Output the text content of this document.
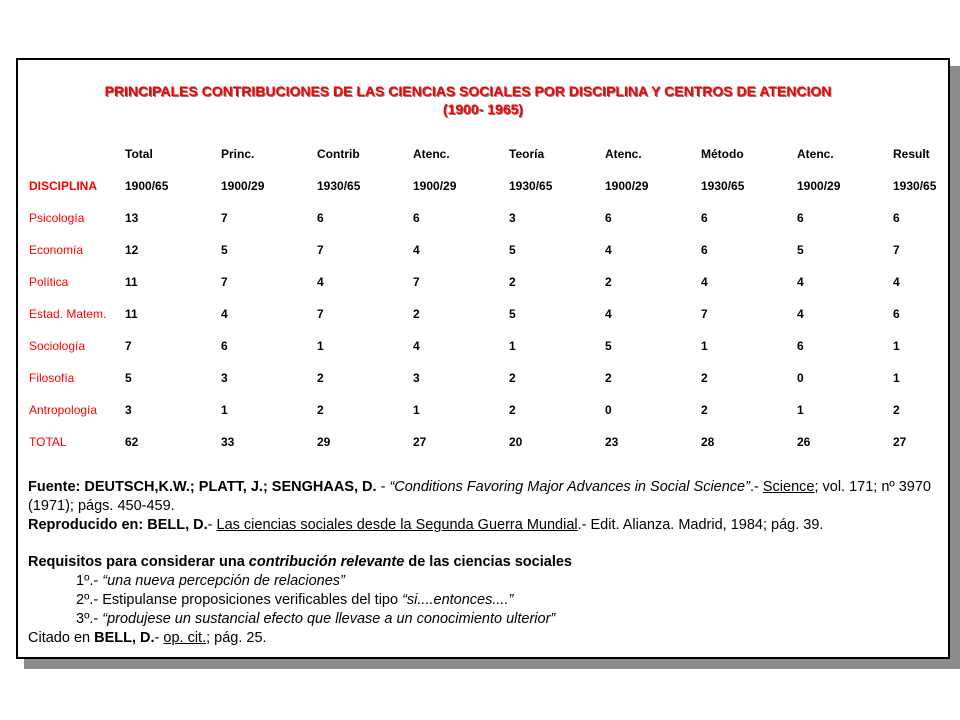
PRINCIPALES CONTRIBUCIONES DE LAS CIENCIAS SOCIALES POR DISCIPLINA Y CENTROS DE ATENCION
(1900- 1965)
	Total	Princ.	Contrib	Atenc.	Teoría	Atenc.	Método	Atenc.	Result
DISCIPLINA	1900/65	1900/29	1930/65	1900/29	1930/65	1900/29	1930/65	1900/29	1930/65
Psicología	13	7	6	6	3	6	6	6	6
Economía	12	5	7	4	5	4	6	5	7
Política	11	7	4	7	2	2	4	4	4
Estad. Matem.	11	4	7	2	5	4	7	4	6
Sociología	7	6	1	4	1	5	1	6	1
Filosofía	5	3	2	3	2	2	2	0	1
Antropología	3	1	2	1	2	0	2	1	2
TOTAL	62	33	29	27	20	23	28	26	27

Fuente: DEUTSCH,K.W.; PLATT, J.; SENGHAAS, D. - “Conditions Favoring Major Advances in Social Science”.- Science; vol. 171; nº 3970 (1971); págs. 450-459.

Reproducido en: BELL, D.- Las ciencias sociales desde la Segunda Guerra Mundial.- Edit. Alianza. Madrid, 1984; pág. 39.

Requisitos para considerar una contribución relevante de las ciencias sociales

1º.- “una nueva percepción de relaciones”

2º.- Estipulanse proposiciones verificables del tipo “si....entonces....”

3º.- “produjese un sustancial efecto que llevase a un conocimiento ulterior”

Citado en BELL, D.- op. cit.; pág. 25.
